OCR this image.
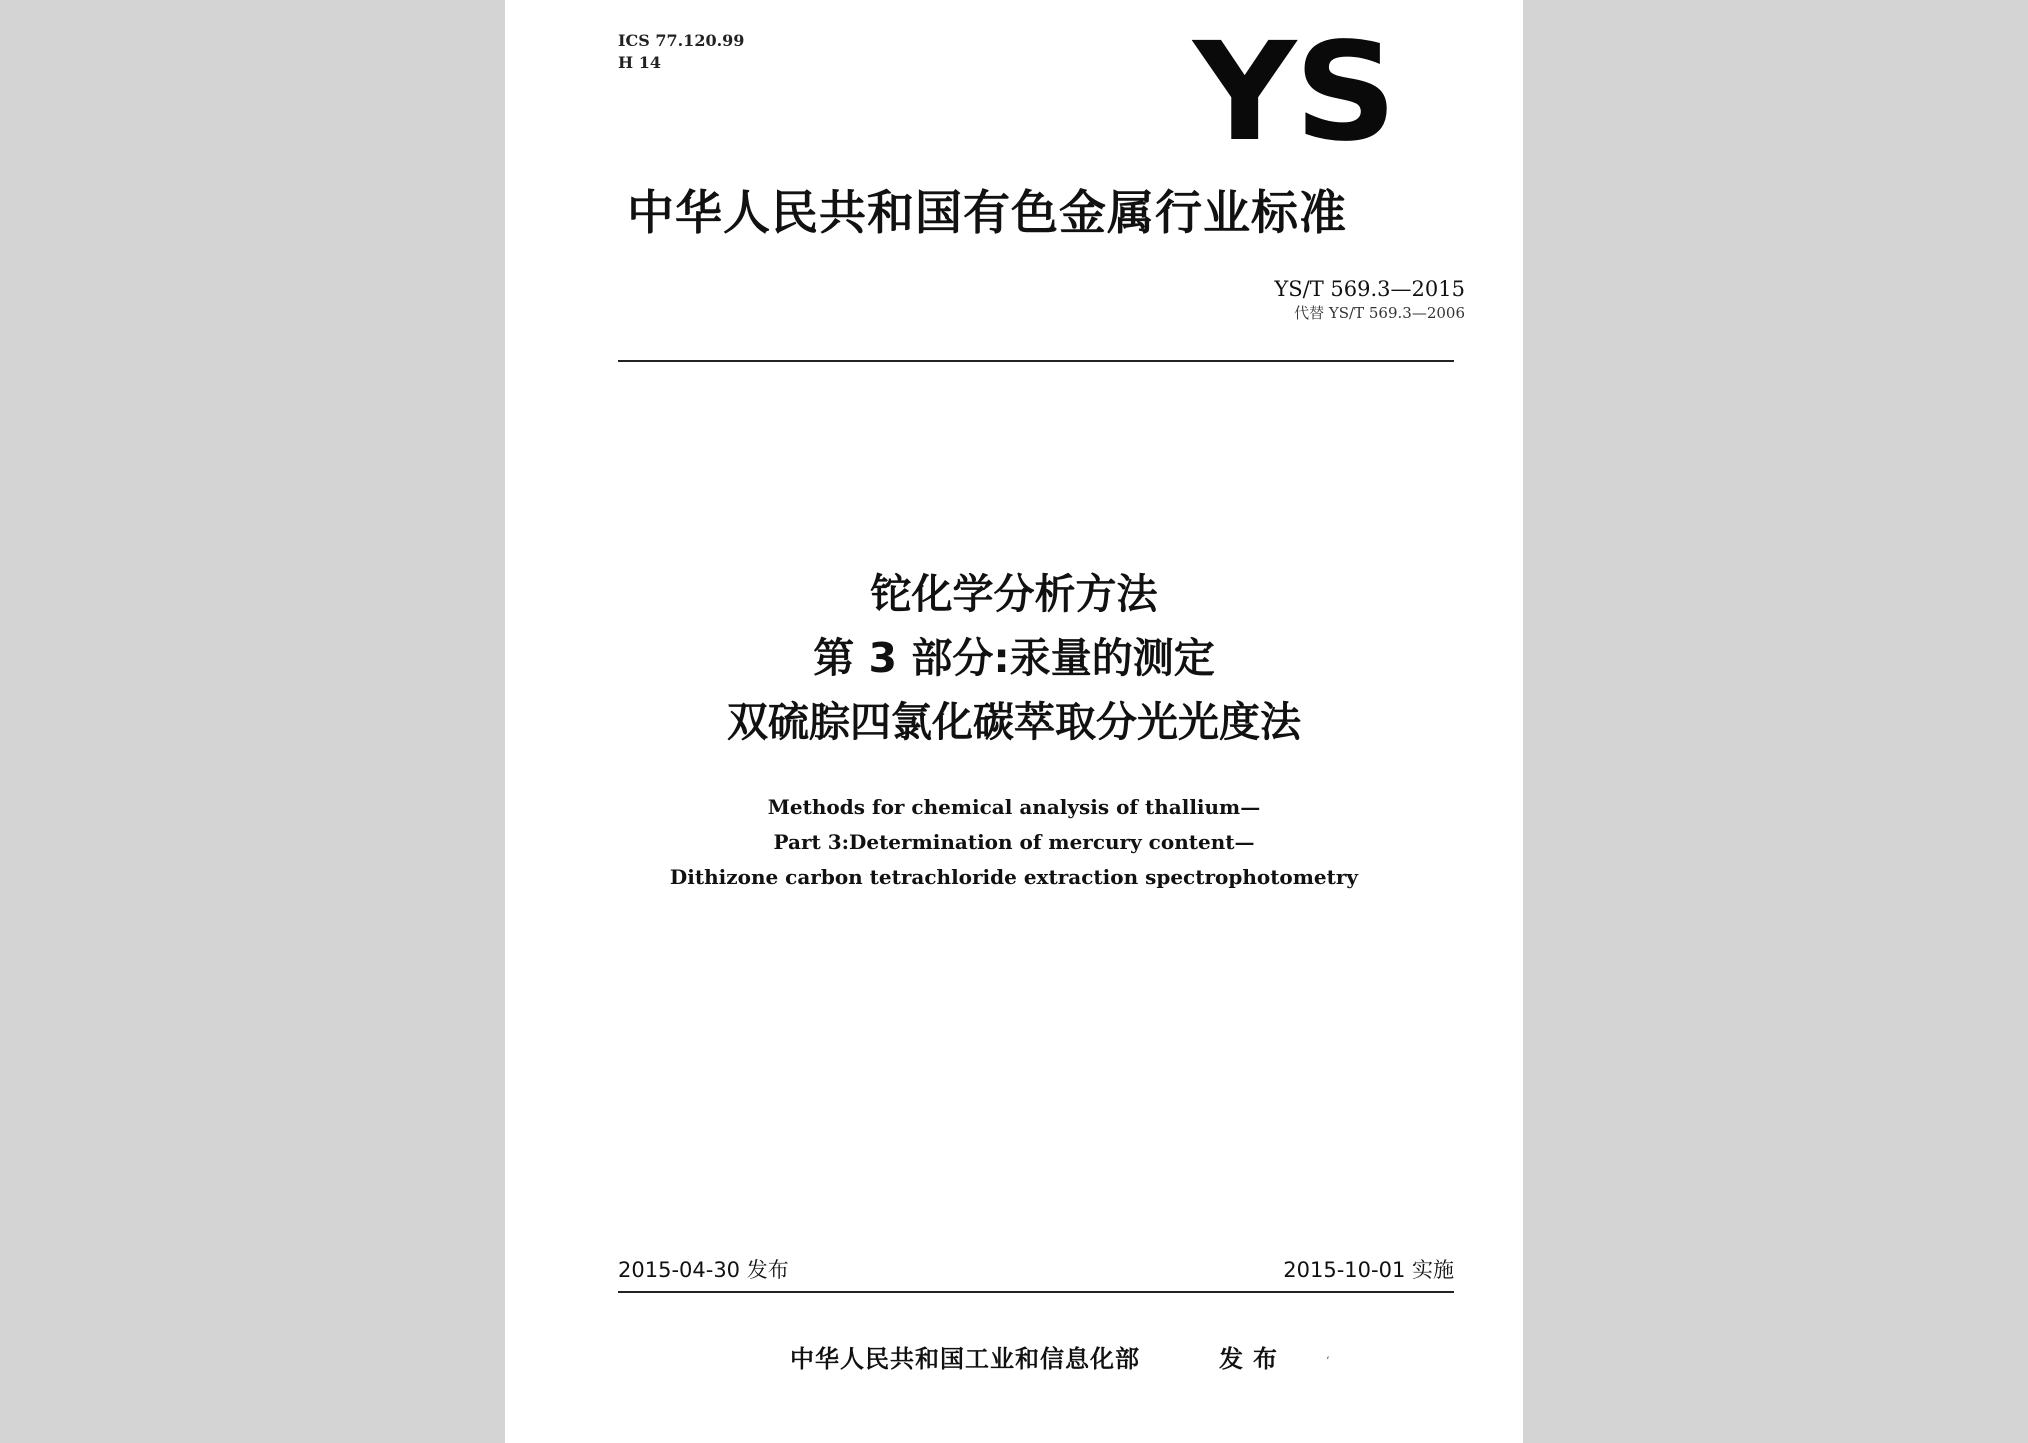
ICS 77.120.99
H 14	YS
中华人民共和国有色金属行业标准
YS/T 569.3—2015
代替 YS/T 569.3—2006
铊化学分析方法
第 3 部分:汞量的测定
双硫腙四氯化碳萃取分光光度法
Methods for chemical analysis of thallium—
Part 3:Determination of mercury content—
Dithizone carbon tetrachloride extraction spectrophotometry
2015-04-30 发布	2015-10-01 实施
中华人民共和国工业和信息化部	发布	‘
